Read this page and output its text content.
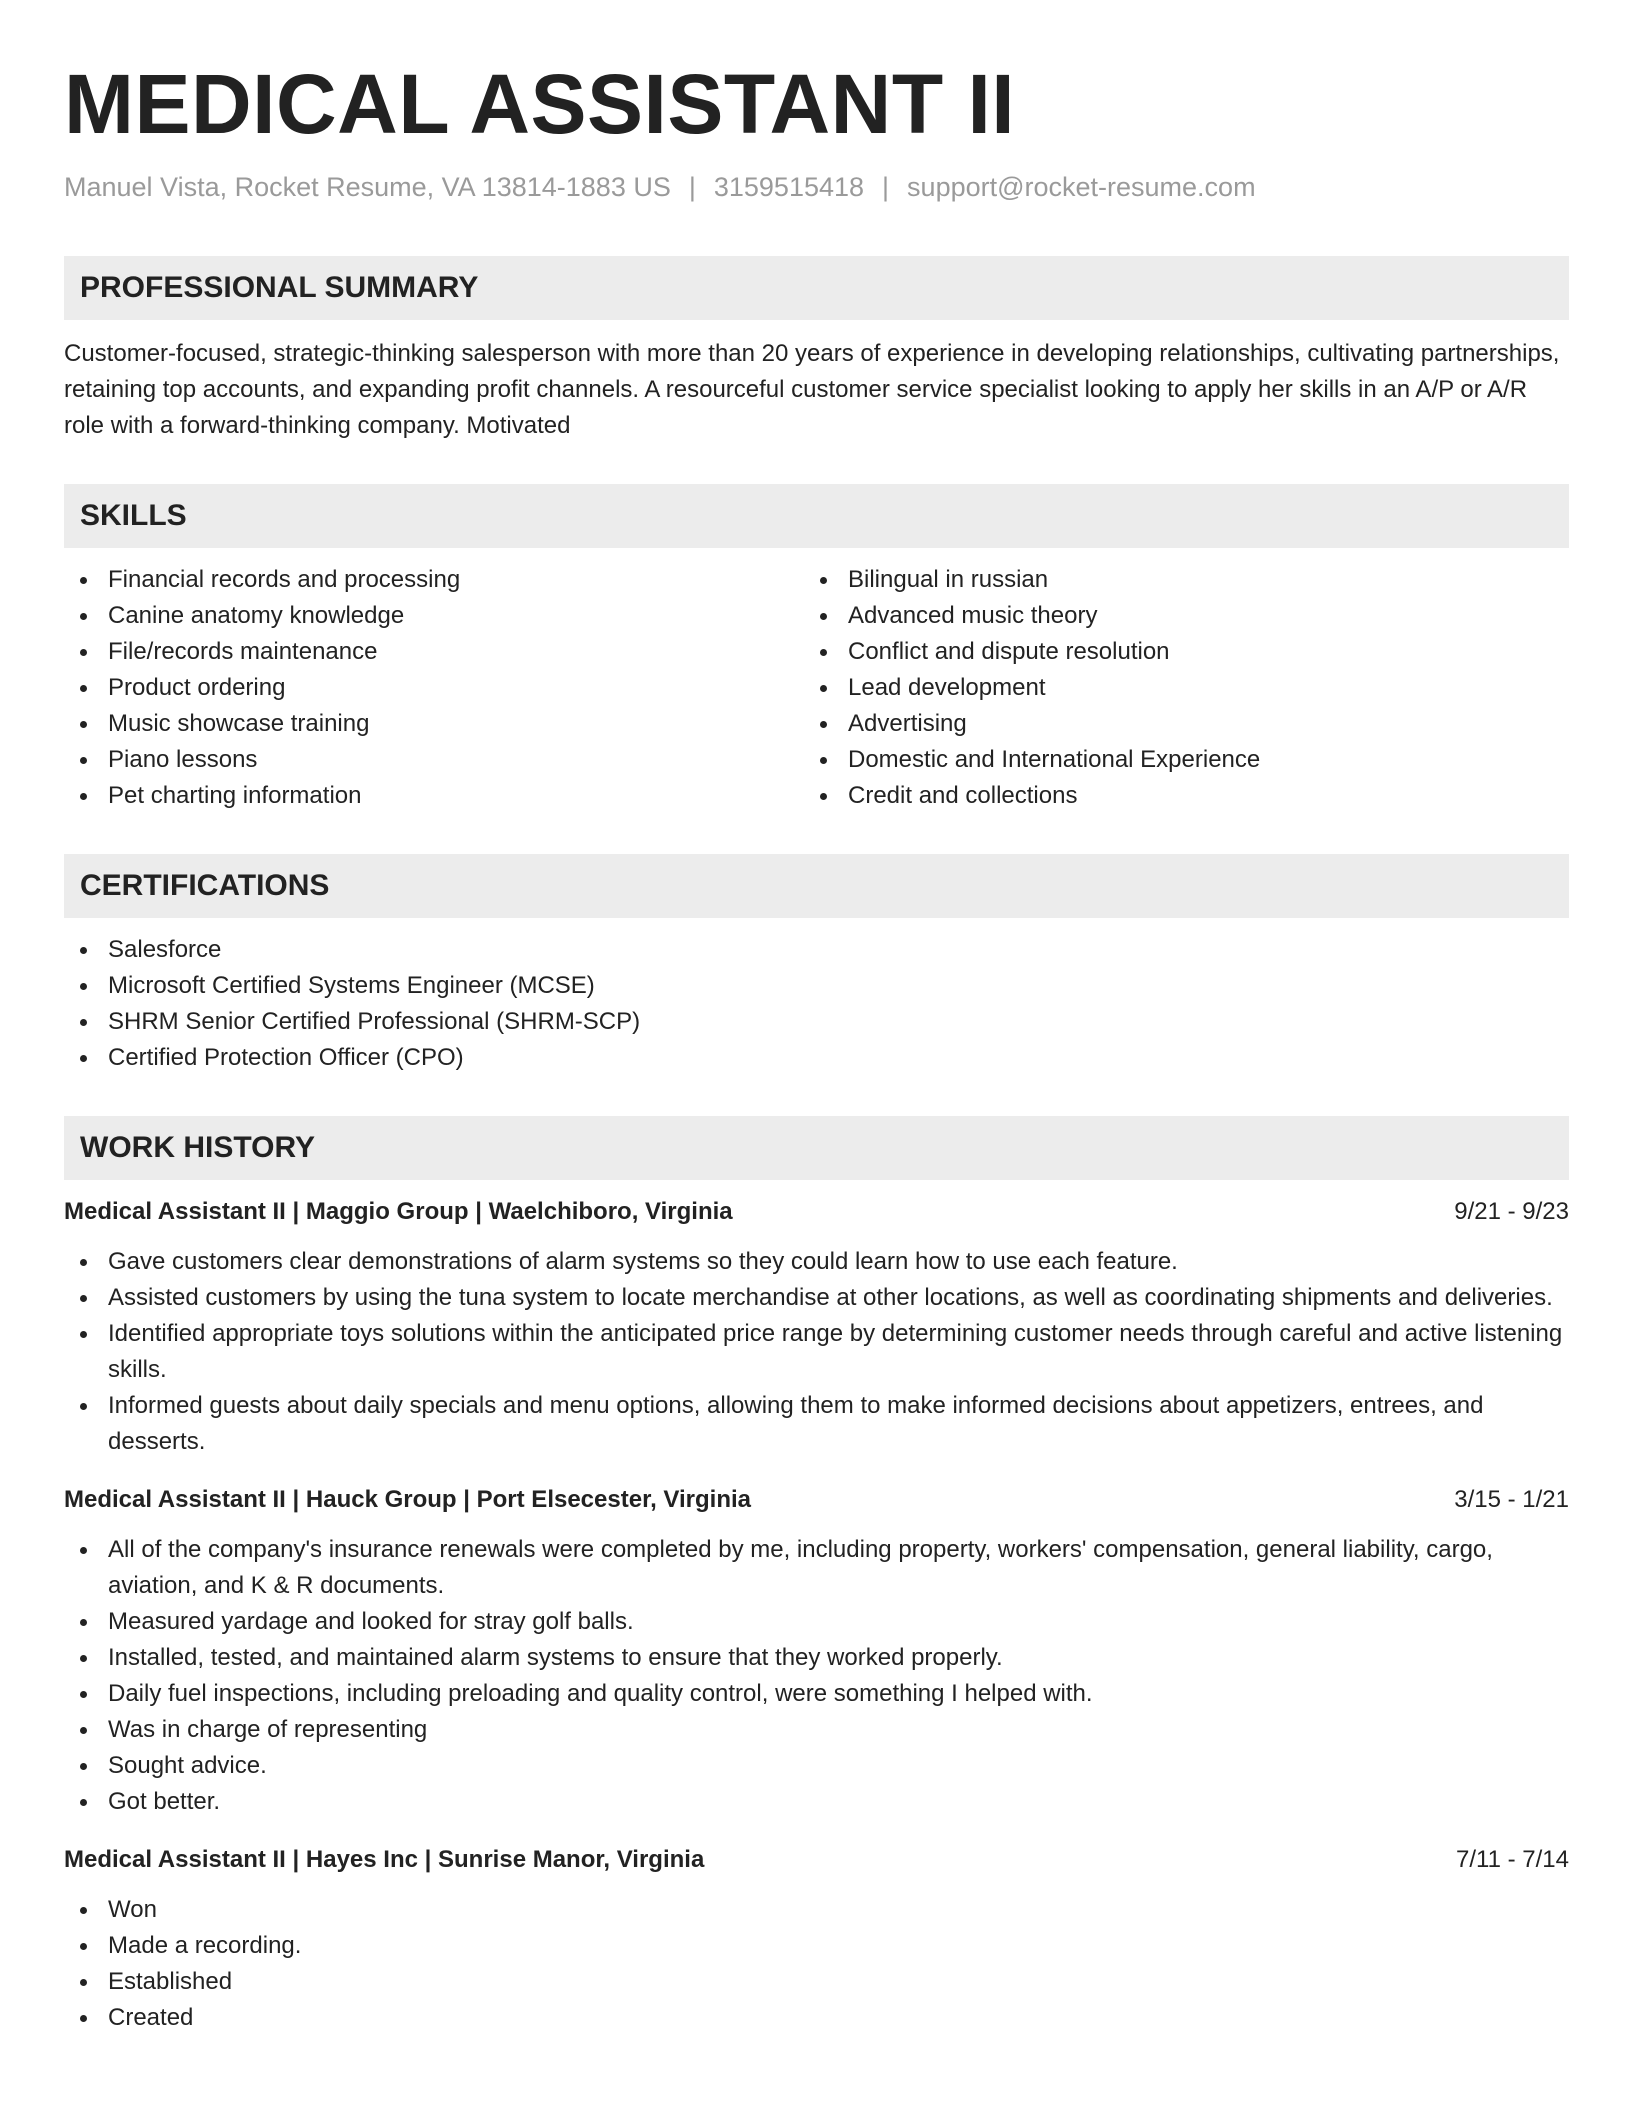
MEDICAL ASSISTANT II
Manuel Vista, Rocket Resume, VA 13814-1883 US | 3159515418 | support@rocket-resume.com
PROFESSIONAL SUMMARY

Customer-focused, strategic-thinking salesperson with more than 20 years of experience in developing relationships, cultivating partnerships, retaining top accounts, and expanding profit channels. A resourceful customer service specialist looking to apply her skills in an A/P or A/R role with a forward-thinking company. Motivated

SKILLS
Financial records and processing
Canine anatomy knowledge
File/records maintenance
Product ordering
Music showcase training
Piano lessons
Pet charting information
Bilingual in russian
Advanced music theory
Conflict and dispute resolution
Lead development
Advertising
Domestic and International Experience
Credit and collections
CERTIFICATIONS
Salesforce
Microsoft Certified Systems Engineer (MCSE)
SHRM Senior Certified Professional (SHRM-SCP)
Certified Protection Officer (CPO)
WORK HISTORY
Medical Assistant II | Maggio Group | Waelchiboro, Virginia	9/21 - 9/23
Gave customers clear demonstrations of alarm systems so they could learn how to use each feature.
Assisted customers by using the tuna system to locate merchandise at other locations, as well as coordinating shipments and deliveries.
Identified appropriate toys solutions within the anticipated price range by determining customer needs through careful and active listening skills.
Informed guests about daily specials and menu options, allowing them to make informed decisions about appetizers, entrees, and desserts.
Medical Assistant II | Hauck Group | Port Elsecester, Virginia	3/15 - 1/21
All of the company's insurance renewals were completed by me, including property, workers' compensation, general liability, cargo, aviation, and K & R documents.
Measured yardage and looked for stray golf balls.
Installed, tested, and maintained alarm systems to ensure that they worked properly.
Daily fuel inspections, including preloading and quality control, were something I helped with.
Was in charge of representing
Sought advice.
Got better.
Medical Assistant II | Hayes Inc | Sunrise Manor, Virginia	7/11 - 7/14
Won
Made a recording.
Established
Created
